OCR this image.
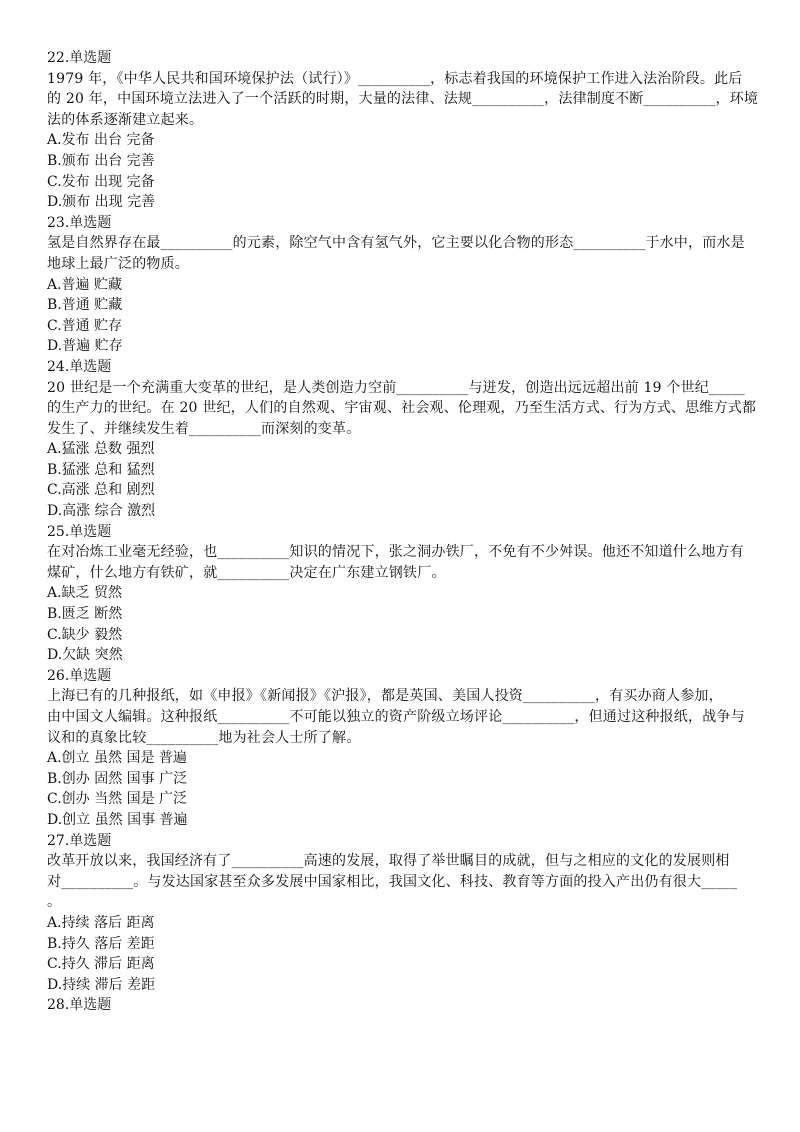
22.单选题
1979 年，《中华人民共和国环境保护法（试行）》__________，标志着我国的环境保护工作进入法治阶段。此后
的 20 年，中国环境立法进入了一个活跃的时期，大量的法律、法规__________，法律制度不断__________，环境
法的体系逐渐建立起来。
A.发布 出台 完备
B.颁布 出台 完善
C.发布 出现 完备
D.颁布 出现 完善
23.单选题
氢是自然界存在最__________的元素，除空气中含有氢气外，它主要以化合物的形态__________于水中，而水是
地球上最广泛的物质。
A.普遍 贮藏
B.普通 贮藏
C.普通 贮存
D.普遍 贮存
24.单选题
20 世纪是一个充满重大变革的世纪，是人类创造力空前__________与迸发，创造出远远超出前 19 个世纪_____
的生产力的世纪。在 20 世纪，人们的自然观、宇宙观、社会观、伦理观，乃至生活方式、行为方式、思维方式都
发生了、并继续发生着__________而深刻的变革。
A.猛涨 总数 强烈
B.猛涨 总和 猛烈
C.高涨 总和 剧烈
D.高涨 综合 激烈
25.单选题
在对冶炼工业毫无经验，也__________知识的情况下，张之洞办铁厂，不免有不少舛误。他还不知道什么地方有
煤矿，什么地方有铁矿，就__________决定在广东建立钢铁厂。
A.缺乏 贸然
B.匮乏 断然
C.缺少 毅然
D.欠缺 突然
26.单选题
上海已有的几种报纸，如《申报》《新闻报》《沪报》，都是英国、美国人投资__________，有买办商人参加，
由中国文人编辑。这种报纸__________不可能以独立的资产阶级立场评论__________，但通过这种报纸，战争与
议和的真象比较__________地为社会人士所了解。
A.创立 虽然 国是 普遍
B.创办 固然 国事 广泛
C.创办 当然 国是 广泛
D.创立 虽然 国事 普遍
27.单选题
改革开放以来，我国经济有了__________高速的发展，取得了举世瞩目的成就，但与之相应的文化的发展则相
对__________。与发达国家甚至众多发展中国家相比，我国文化、科技、教育等方面的投入产出仍有很大_____
。
A.持续 落后 距离
B.持久 落后 差距
C.持久 滞后 距离
D.持续 滞后 差距
28.单选题
